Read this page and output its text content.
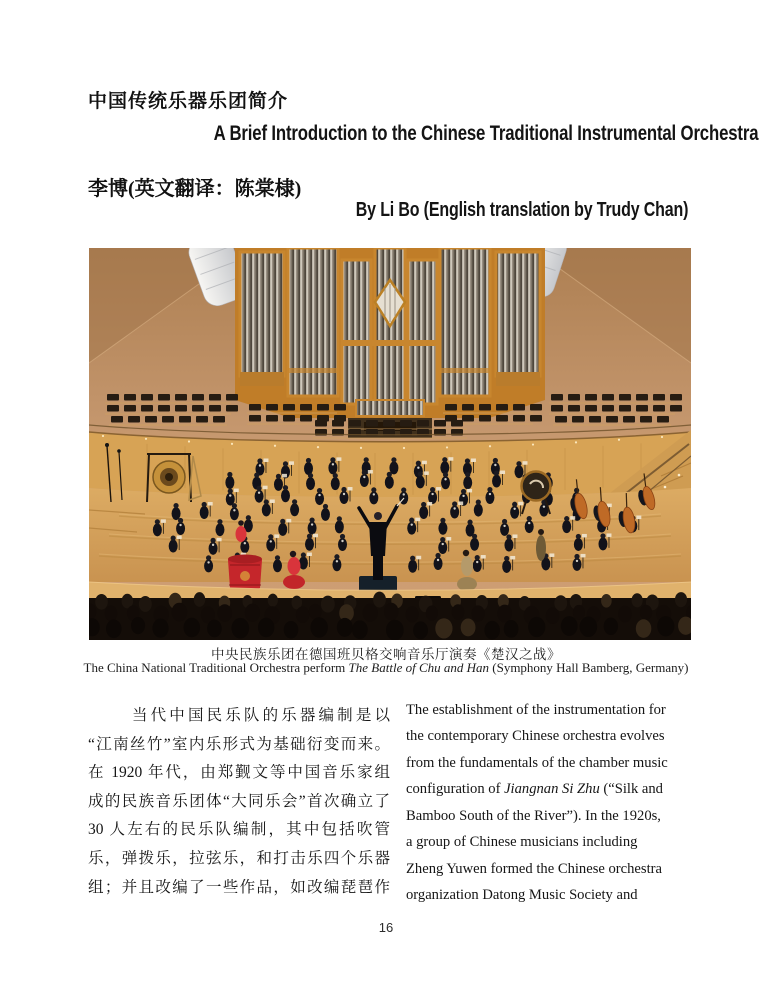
中国传统乐器乐团简介
A Brief Introduction to the Chinese Traditional Instrumental Orchestra
李博(英文翻译：陈棠棣)
By Li Bo (English translation by Trudy Chan)
中央民族乐团在德国班贝格交响音乐厅演奏《楚汉之战》
The China National Traditional Orchestra perform The Battle of Chu and Han (Symphony Hall Bamberg, Germany)
当代中国民乐队的乐器编制是以
“江南丝竹”室内乐形式为基础衍变而来。
在 1920 年代，由郑觐文等中国音乐家组
成的民族音乐团体“大同乐会”首次确立了
30 人左右的民乐队编制，其中包括吹管
乐，弹拨乐，拉弦乐，和打击乐四个乐器
组；并且改编了一些作品，如改编琵琶作
The establishment of the instrumentation for
the contemporary Chinese orchestra evolves
from the fundamentals of the chamber music
configuration of Jiangnan Si Zhu (“Silk and
Bamboo South of the River”). In the 1920s,
a group of Chinese musicians including
Zheng Yuwen formed the Chinese orchestra
organization Datong Music Society and
16
